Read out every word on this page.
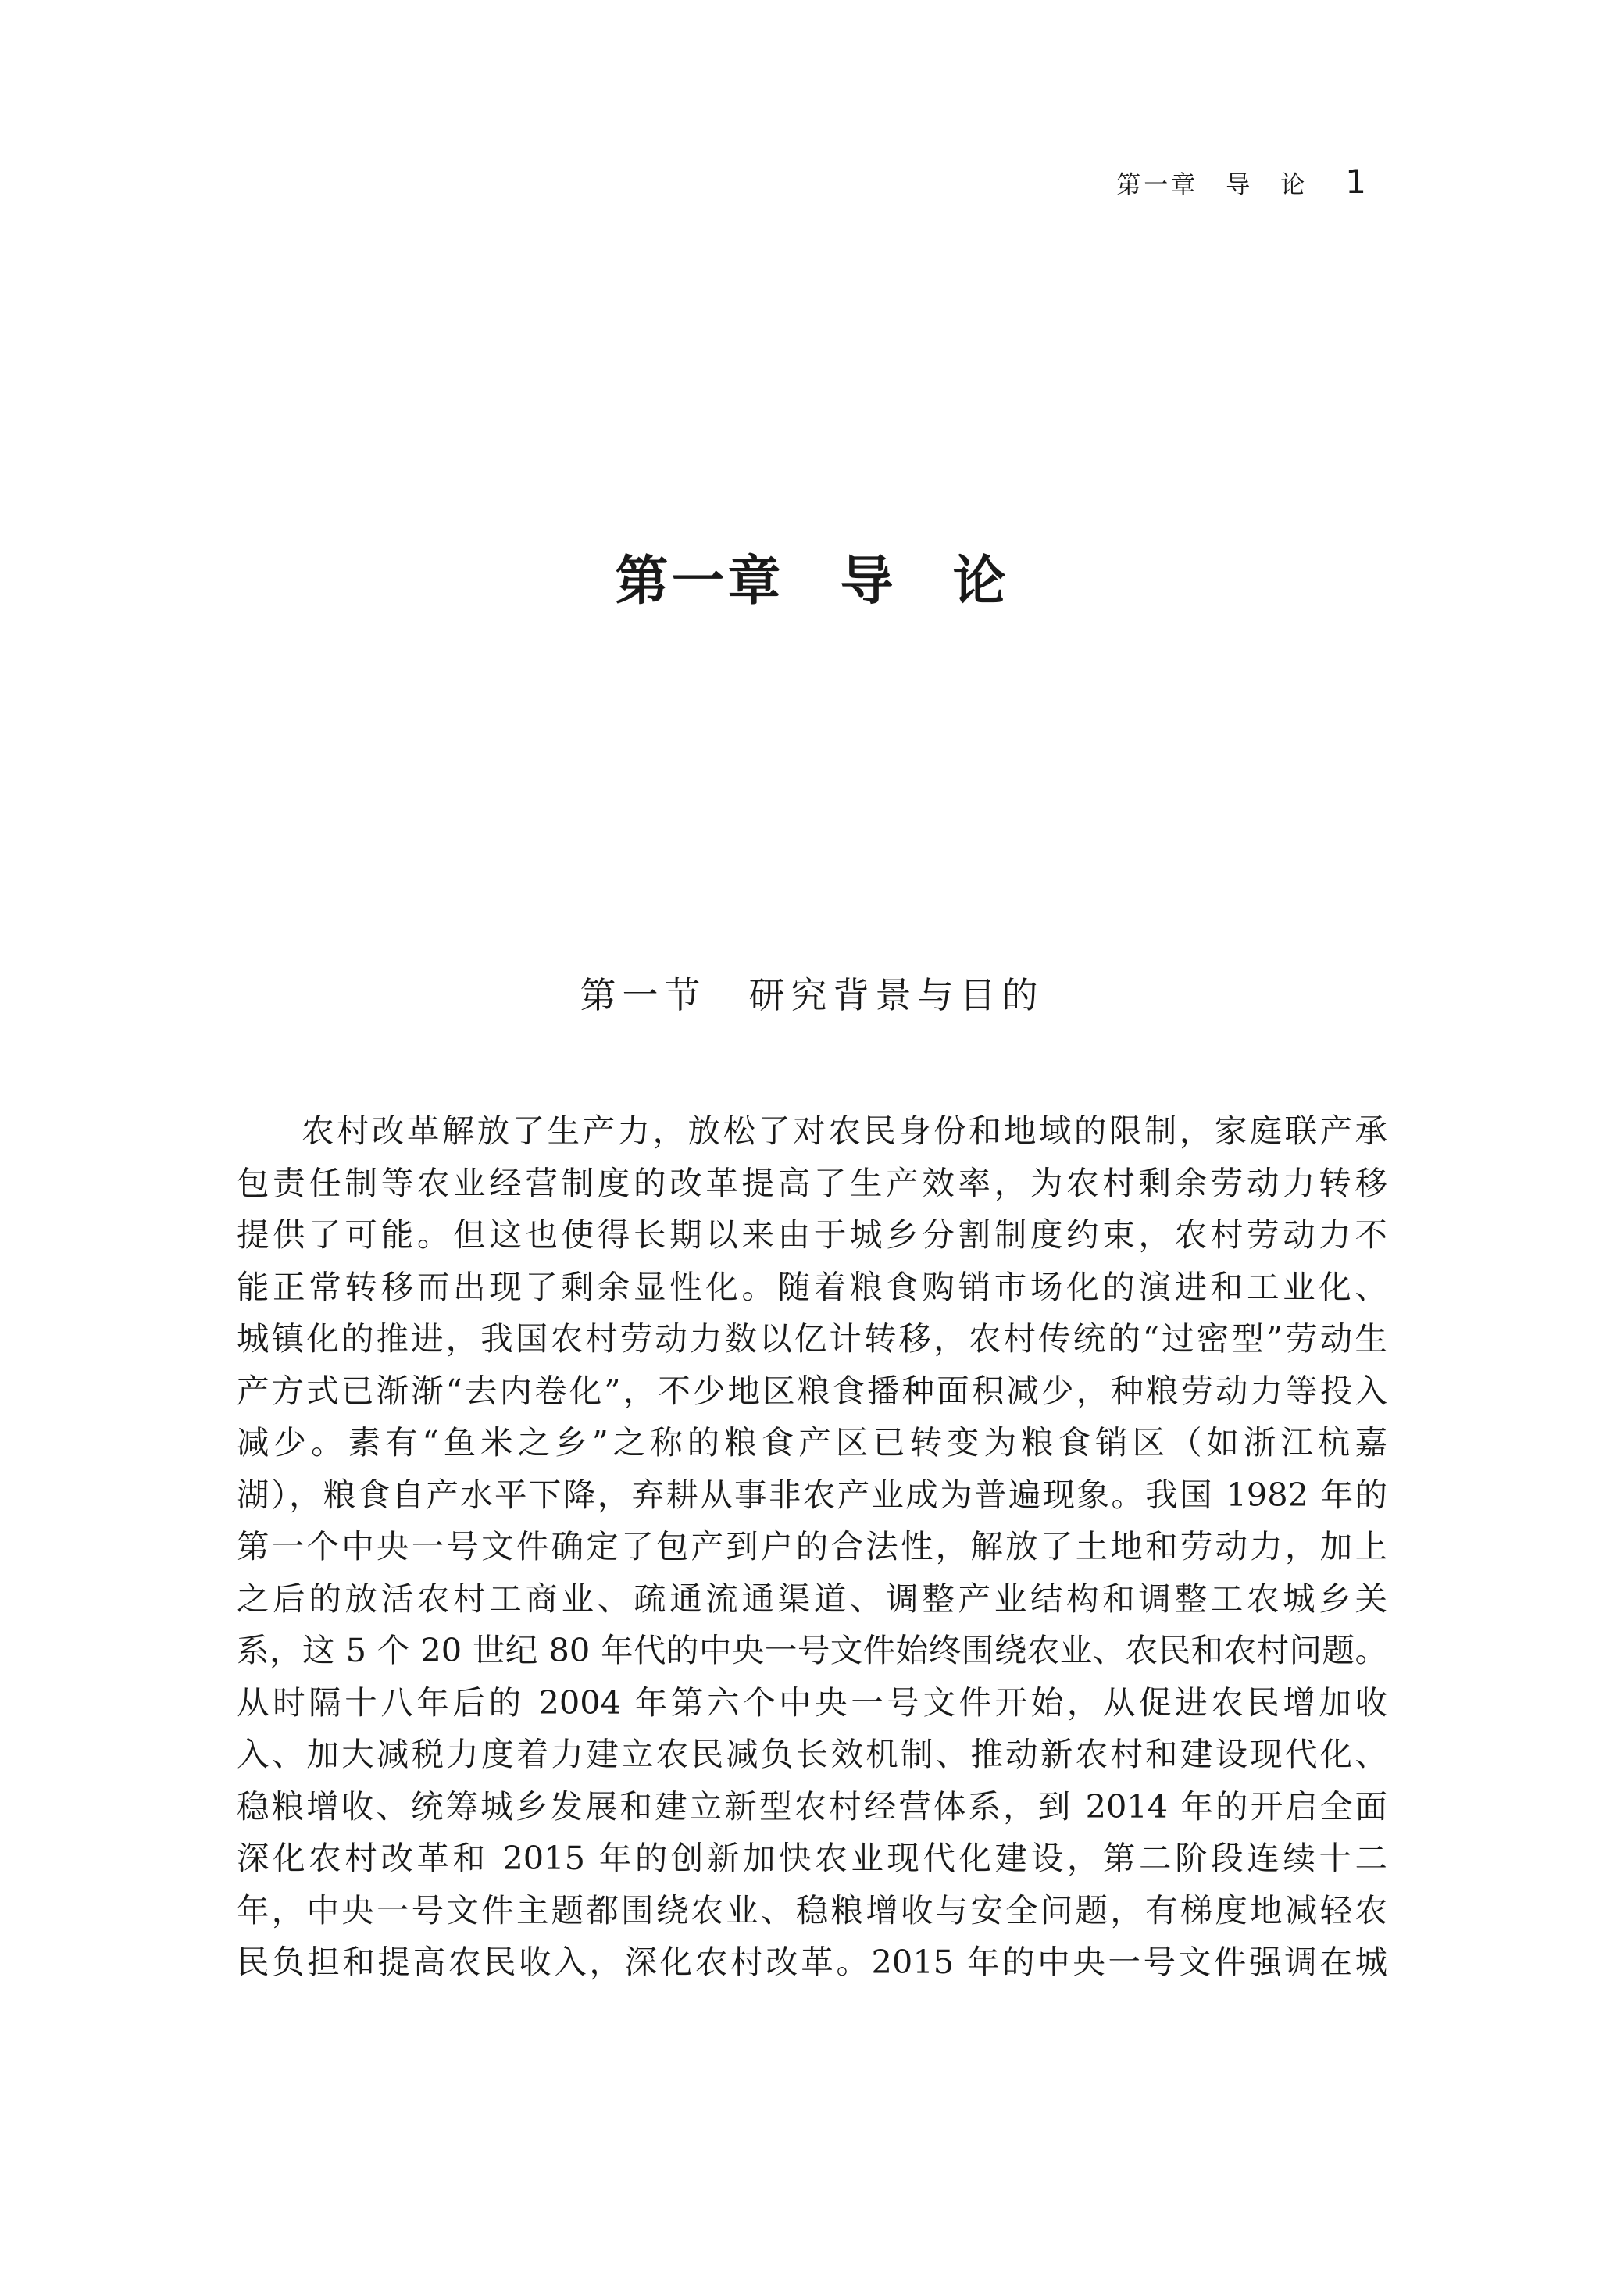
第一章　导　论 1
第一章　导　论
第一节　研究背景与目的
农村改革解放了生产力，放松了对农民身份和地域的限制，家庭联产承
包责任制等农业经营制度的改革提高了生产效率，为农村剩余劳动力转移
提供了可能。但这也使得长期以来由于城乡分割制度约束，农村劳动力不
能正常转移而出现了剩余显性化。随着粮食购销市场化的演进和工业化、
城镇化的推进，我国农村劳动力数以亿计转移，农村传统的“过密型”劳动生
产方式已渐渐“去内卷化”，不少地区粮食播种面积减少，种粮劳动力等投入
减少。素有“鱼米之乡”之称的粮食产区已转变为粮食销区（如浙江杭嘉
湖），粮食自产水平下降，弃耕从事非农产业成为普遍现象。我国 1982 年的
第一个中央一号文件确定了包产到户的合法性，解放了土地和劳动力，加上
之后的放活农村工商业、疏通流通渠道、调整产业结构和调整工农城乡关
系，这 5 个 20 世纪 80 年代的中央一号文件始终围绕农业、农民和农村问题。
从时隔十八年后的 2004 年第六个中央一号文件开始，从促进农民增加收
入、加大减税力度着力建立农民减负长效机制、推动新农村和建设现代化、
稳粮增收、统筹城乡发展和建立新型农村经营体系，到 2014 年的开启全面
深化农村改革和 2015 年的创新加快农业现代化建设，第二阶段连续十二
年，中央一号文件主题都围绕农业、稳粮增收与安全问题，有梯度地减轻农
民负担和提高农民收入，深化农村改革。2015 年的中央一号文件强调在城
